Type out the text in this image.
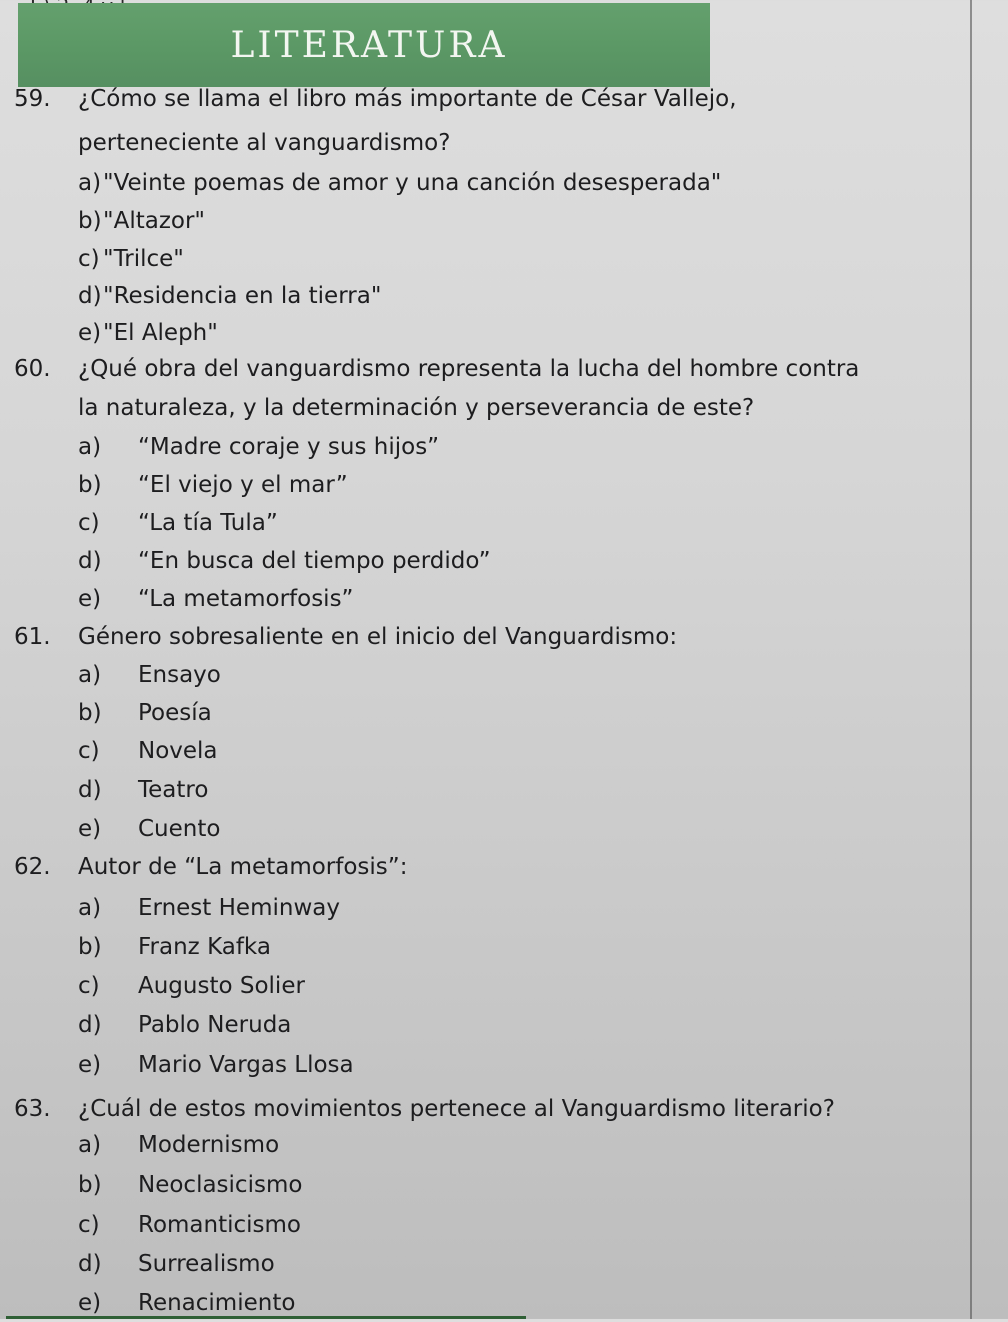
LITERATURA
59. ¿Cómo se llama el libro más importante de César Vallejo,
perteneciente al vanguardismo?
a)"Veinte poemas de amor y una canción desesperada"
b)"Altazor"
c) "Trilce"
d)"Residencia en la tierra"
e)"El Aleph"
60. ¿Qué obra del vanguardismo representa la lucha del hombre contra
la naturaleza, y la determinación y perseverancia de este?
a) “Madre coraje y sus hijos”
b) “El viejo y el mar”
c) “La tía Tula”
d) “En busca del tiempo perdido”
e) “La metamorfosis”
61. Género sobresaliente en el inicio del Vanguardismo:
a) Ensayo
b) Poesía
c) Novela
d) Teatro
e) Cuento
62. Autor de “La metamorfosis”:
a) Ernest Heminway
b) Franz Kafka
c) Augusto Solier
d) Pablo Neruda
e) Mario Vargas Llosa
63. ¿Cuál de estos movimientos pertenece al Vanguardismo literario?
a) Modernismo
b) Neoclasicismo
c) Romanticismo
d) Surrealismo
e) Renacimiento
